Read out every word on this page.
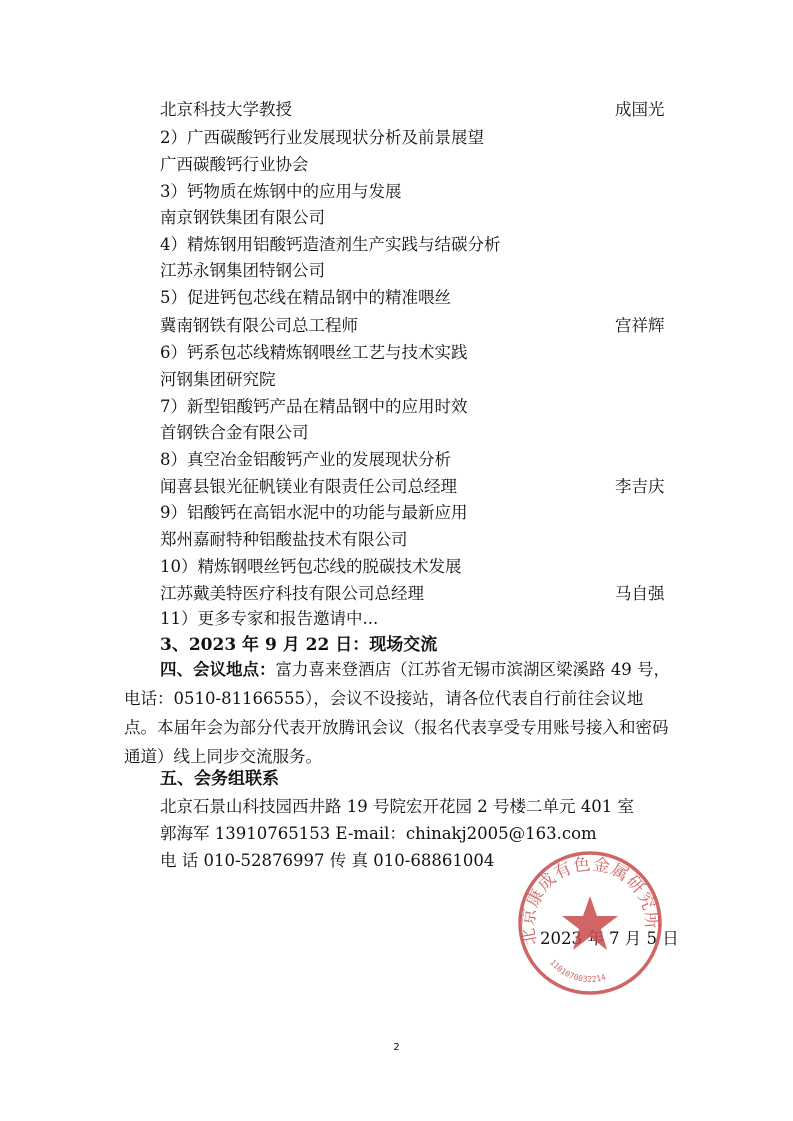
北京科技大学教授	成国光
2）广西碳酸钙行业发展现状分析及前景展望
广西碳酸钙行业协会
3）钙物质在炼钢中的应用与发展
南京钢铁集团有限公司
4）精炼钢用铝酸钙造渣剂生产实践与结碳分析
江苏永钢集团特钢公司
5）促进钙包芯线在精品钢中的精准喂丝
冀南钢铁有限公司总工程师	宫祥辉
6）钙系包芯线精炼钢喂丝工艺与技术实践
河钢集团研究院
7）新型铝酸钙产品在精品钢中的应用时效
首钢铁合金有限公司
8）真空冶金铝酸钙产业的发展现状分析
闻喜县银光征帆镁业有限责任公司总经理	李吉庆
9）铝酸钙在高铝水泥中的功能与最新应用
郑州嘉耐特种铝酸盐技术有限公司
10）精炼钢喂丝钙包芯线的脱碳技术发展
江苏戴美特医疗科技有限公司总经理	马自强
11）更多专家和报告邀请中...
3、2023 年 9 月 22 日：现场交流
四、会议地点：富力喜来登酒店（江苏省无锡市滨湖区梁溪路 49 号，电话：0510-81166555），会议不设接站，请各位代表自行前往会议地点。本届年会为部分代表开放腾讯会议（报名代表享受专用账号接入和密码通道）线上同步交流服务。
五、会务组联系
北京石景山科技园西井路 19 号院宏开花园 2 号楼二单元 401 室
郭海军 13910765153 E-mail：chinakj2005@163.com
电 话 010-52876997 传 真 010-68861004
2023 年 7 月 5 日
北京康成有色金属研究所
1101070032214
2
